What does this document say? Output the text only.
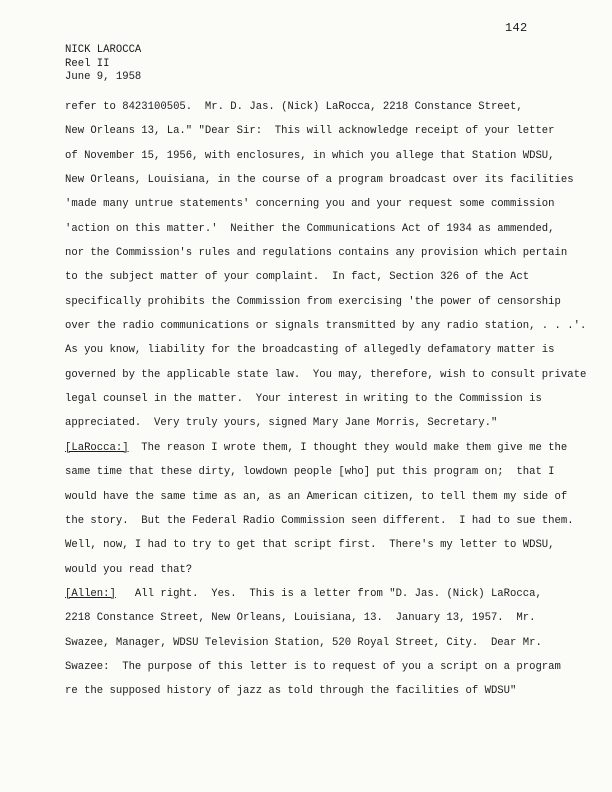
142
NICK LAROCCA
Reel II
June 9, 1958
refer to 8423100505.  Mr. D. Jas. (Nick) LaRocca, 2218 Constance Street,
New Orleans 13, La." "Dear Sir:  This will acknowledge receipt of your letter
of November 15, 1956, with enclosures, in which you allege that Station WDSU,
New Orleans, Louisiana, in the course of a program broadcast over its facilities
'made many untrue statements' concerning you and your request some commission
'action on this matter.'  Neither the Communications Act of 1934 as ammended,
nor the Commission's rules and regulations contains any provision which pertain
to the subject matter of your complaint.  In fact, Section 326 of the Act
specifically prohibits the Commission from exercising 'the power of censorship
over the radio communications or signals transmitted by any radio station, . . .'.
As you know, liability for the broadcasting of allegedly defamatory matter is
governed by the applicable state law.  You may, therefore, wish to consult private
legal counsel in the matter.  Your interest in writing to the Commission is
appreciated.  Very truly yours, signed Mary Jane Morris, Secretary."
[LaRocca:]  The reason I wrote them, I thought they would make them give me the
same time that these dirty, lowdown people [who] put this program on;  that I
would have the same time as an, as an American citizen, to tell them my side of
the story.  But the Federal Radio Commission seen different.  I had to sue them.
Well, now, I had to try to get that script first.  There's my letter to WDSU,
would you read that?
[Allen:]   All right.  Yes.  This is a letter from "D. Jas. (Nick) LaRocca,
2218 Constance Street, New Orleans, Louisiana, 13.  January 13, 1957.  Mr.
Swazee, Manager, WDSU Television Station, 520 Royal Street, City.  Dear Mr.
Swazee:  The purpose of this letter is to request of you a script on a program
re the supposed history of jazz as told through the facilities of WDSU"
